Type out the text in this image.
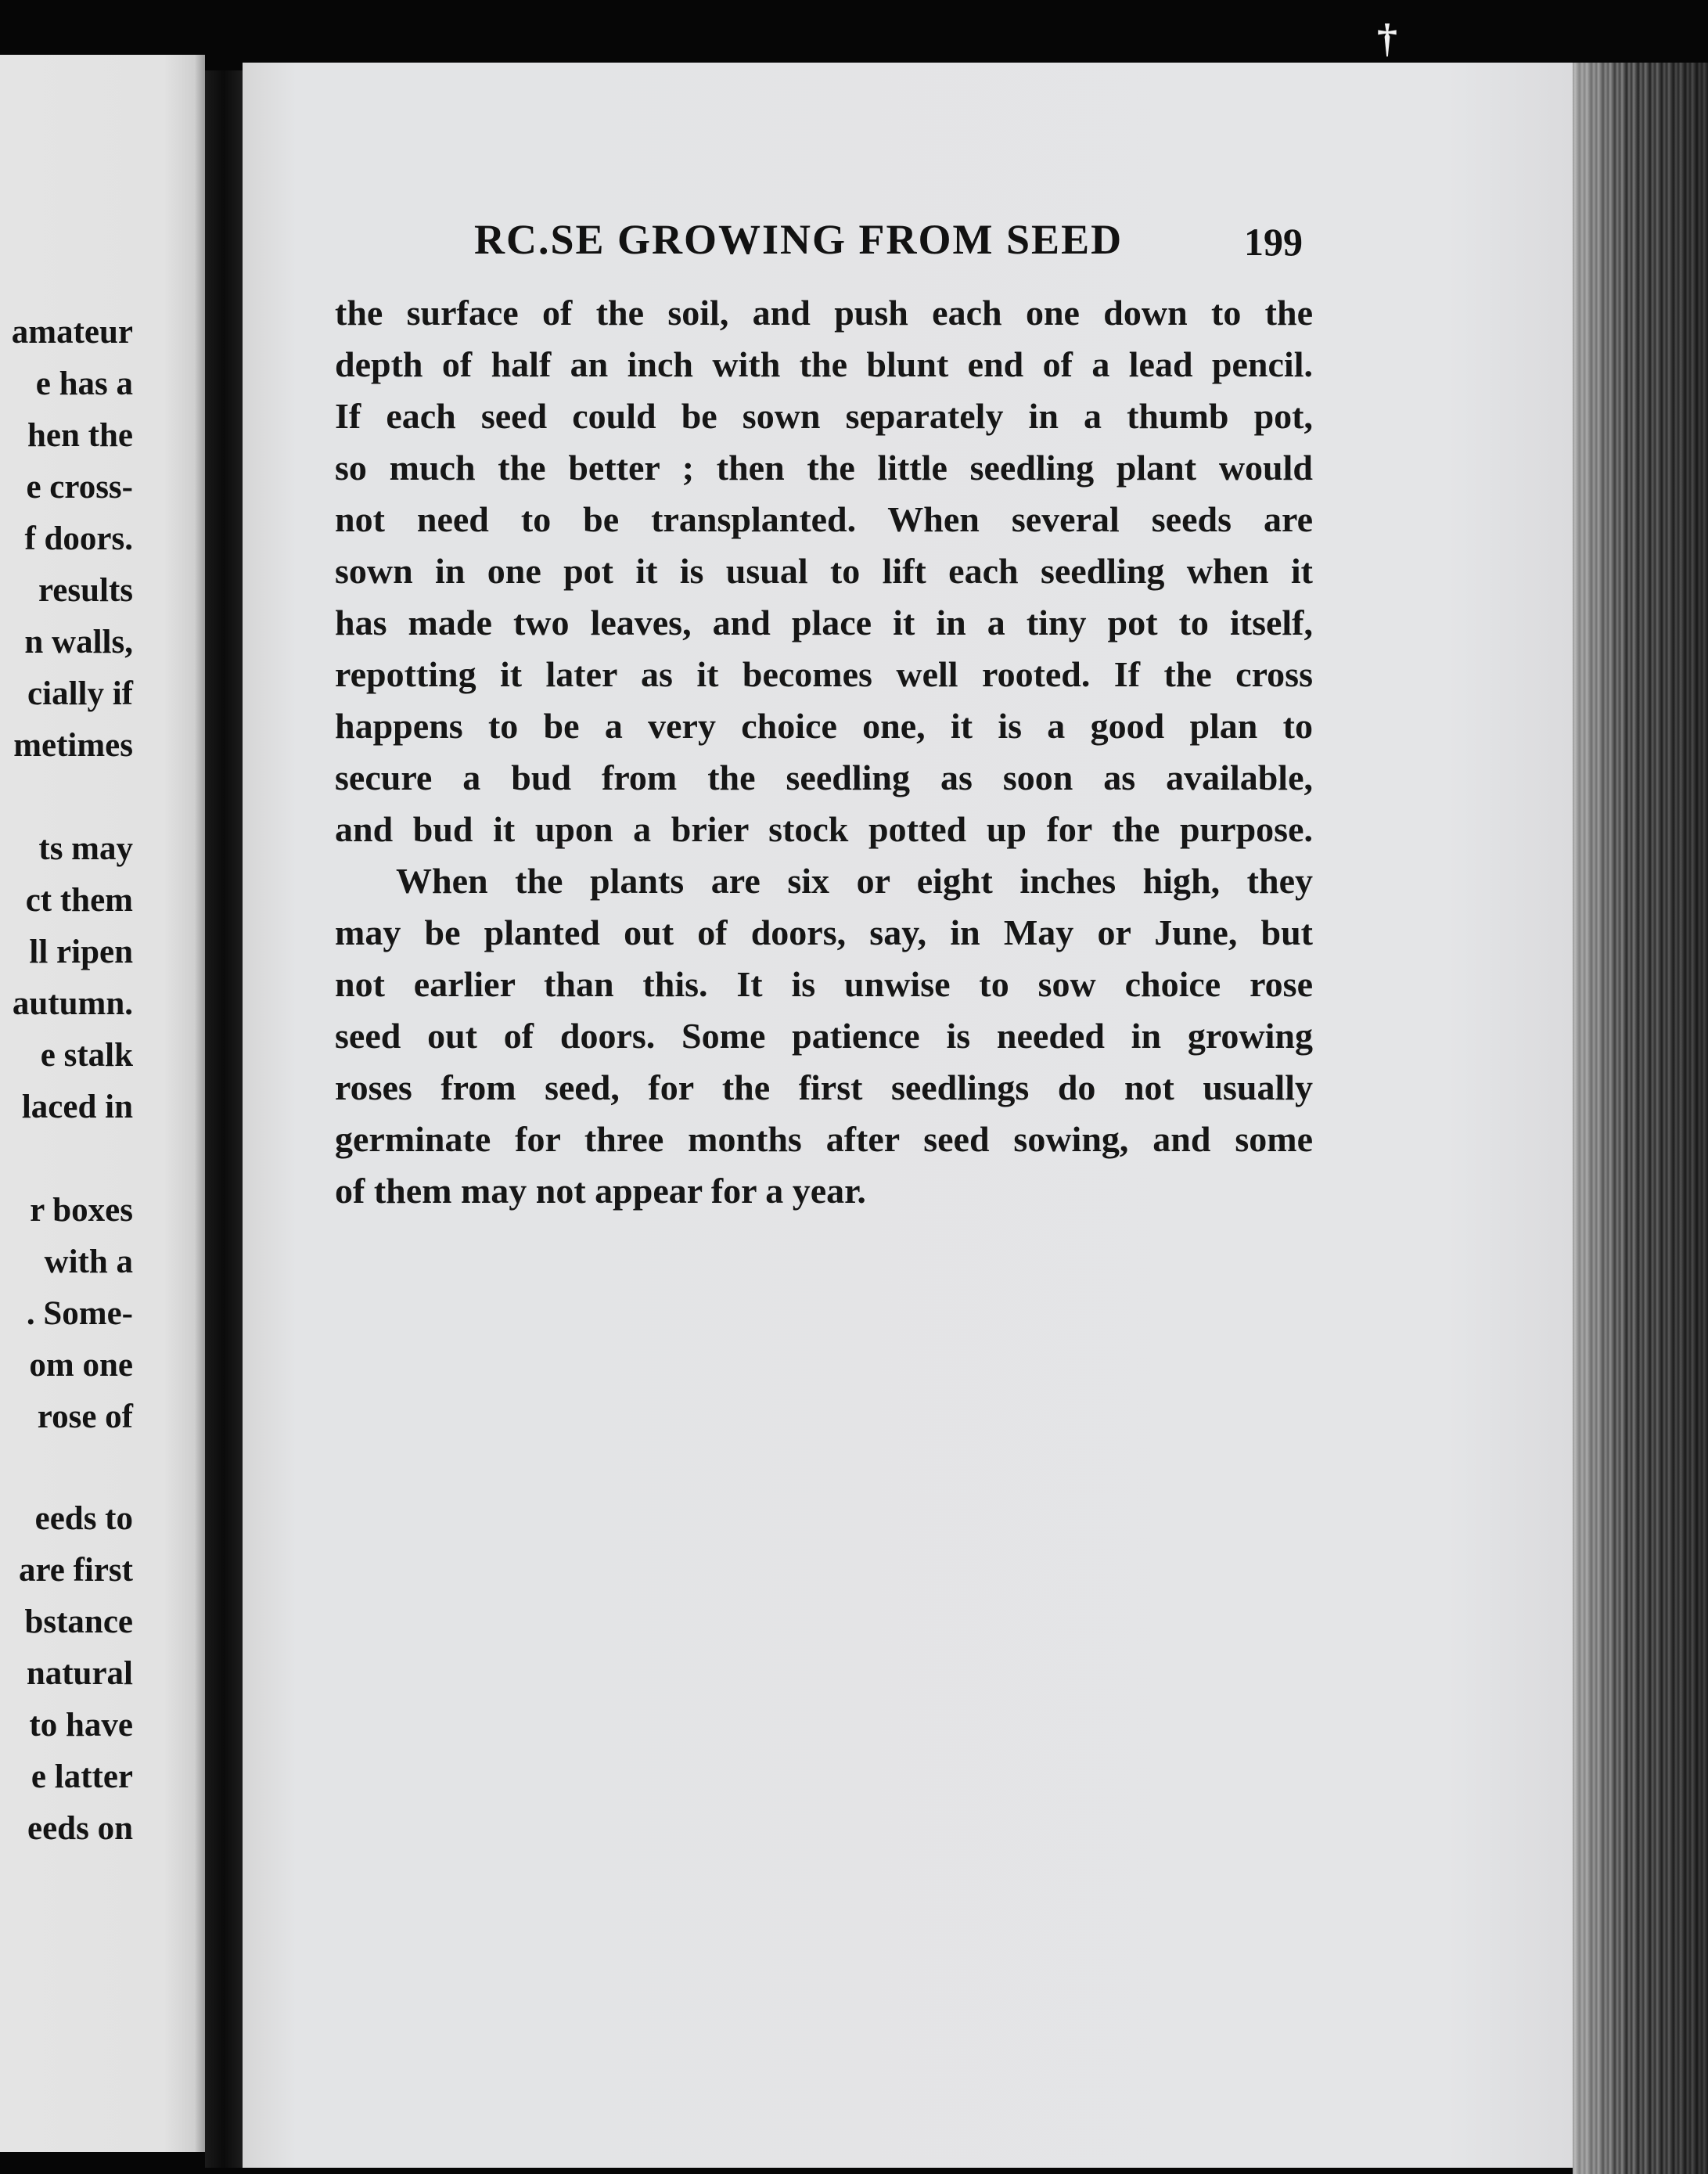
amateur
e has a
hen the
e cross-
f doors.
results
n walls,
cially if
metimes
ts may
ct them
ll ripen
autumn.
e stalk
laced in
r boxes
with a
. Some-
om one
rose of
eeds to
are first
bstance
natural
to have
e latter
eeds on
†
RC.SE GROWING FROM SEED	199
the surface of the soil, and push each one down to the
depth of half an inch with the blunt end of a lead pencil.
If each seed could be sown separately in a thumb pot,
so much the better ; then the little seedling plant would
not need to be transplanted. When several seeds are
sown in one pot it is usual to lift each seedling when it
has made two leaves, and place it in a tiny pot to itself,
repotting it later as it becomes well rooted. If the cross
happens to be a very choice one, it is a good plan to
secure a bud from the seedling as soon as available,
and bud it upon a brier stock potted up for the purpose.
When the plants are six or eight inches high, they
may be planted out of doors, say, in May or June, but
not earlier than this. It is unwise to sow choice rose
seed out of doors. Some patience is needed in growing
roses from seed, for the first seedlings do not usually
germinate for three months after seed sowing, and some
of them may not appear for a year.
